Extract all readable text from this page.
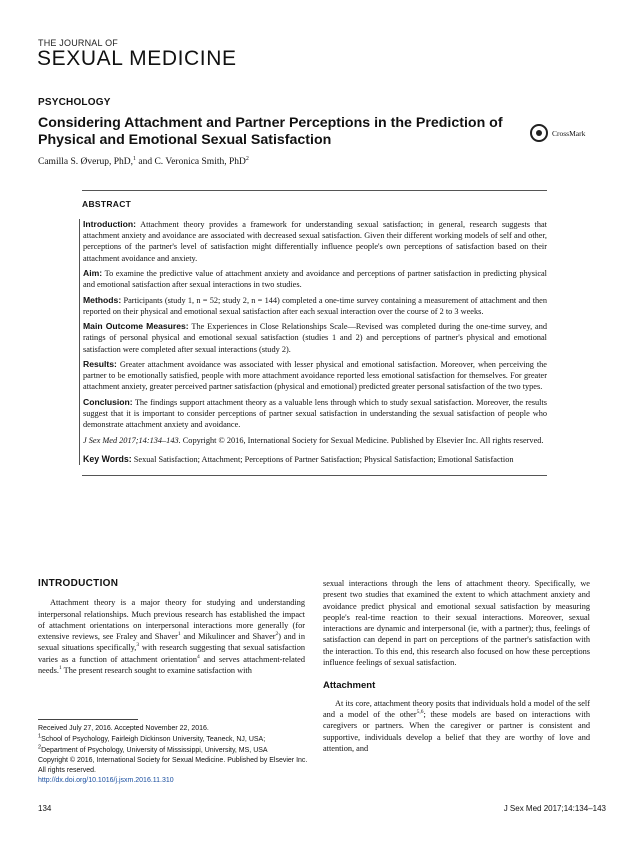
THE JOURNAL OF
SEXUAL MEDICINE
PSYCHOLOGY
Considering Attachment and Partner Perceptions in the Prediction of Physical and Emotional Sexual Satisfaction
Camilla S. Øverup, PhD,$^1$ and C. Veronica Smith, PhD$^2$
CrossMark
ABSTRACT

Introduction: Attachment theory provides a framework for understanding sexual satisfaction; in general, research suggests that attachment anxiety and avoidance are associated with decreased sexual satisfaction. Given their different working models of self and other, perceptions of the partner's level of satisfaction might differentially influence people's own perceptions of satisfaction based on their attachment avoidance and anxiety.

Aim: To examine the predictive value of attachment anxiety and avoidance and perceptions of partner satisfaction in predicting physical and emotional satisfaction after sexual interactions in two studies.

Methods: Participants (study 1, n = 52; study 2, n = 144) completed a one-time survey containing a measurement of attachment and then reported on their physical and emotional sexual satisfaction after each sexual interaction over the course of 2 to 3 weeks.

Main Outcome Measures: The Experiences in Close Relationships Scale—Revised was completed during the one-time survey, and ratings of personal physical and emotional sexual satisfaction (studies 1 and 2) and perceptions of partner's physical and emotional satisfaction were completed after sexual interactions (study 2).

Results: Greater attachment avoidance was associated with lesser physical and emotional satisfaction. Moreover, when perceiving the partner to be emotionally satisfied, people with more attachment avoidance reported less emotional satisfaction for themselves. For greater attachment anxiety, greater perceived partner satisfaction (physical and emotional) predicted greater personal satisfaction of the two types.

Conclusion: The findings support attachment theory as a valuable lens through which to study sexual satisfaction. Moreover, the results suggest that it is important to consider perceptions of partner sexual satisfaction in understanding the sexual satisfaction of people who demonstrate attachment anxiety and avoidance.

J Sex Med 2017;14:134–143. Copyright © 2016, International Society for Sexual Medicine. Published by Elsevier Inc. All rights reserved.

Key Words: Sexual Satisfaction; Attachment; Perceptions of Partner Satisfaction; Physical Satisfaction; Emotional Satisfaction

INTRODUCTION

Attachment theory is a major theory for studying and understanding interpersonal relationships. Much previous research has established the impact of attachment orientations on interpersonal interactions more generally (for extensive reviews, see Fraley and Shaver$^1$ and Mikulincer and Shaver$^2$) and in sexual situations specifically,$^3$ with research suggesting that sexual satisfaction varies as a function of attachment orientation$^4$ and serves attachment-related needs.$^1$ The present research sought to examine satisfaction with

sexual interactions through the lens of attachment theory. Specifically, we present two studies that examined the extent to which attachment anxiety and avoidance predict physical and emotional sexual satisfaction by measuring people's real-time reaction to their sexual interactions. Moreover, sexual interactions are dynamic and interpersonal (ie, with a partner); thus, feelings of satisfaction can depend in part on perceptions of the partner's satisfaction with the interaction. To this end, this research also focused on how these perceptions influence feelings of sexual satisfaction.

Attachment

At its core, attachment theory posits that individuals hold a model of the self and a model of the other$^{5,6}$; these models are based on interactions with caregivers or partners. When the caregiver or partner is consistent and supportive, individuals develop a belief that they are worthy of love and attention, and

Received July 27, 2016. Accepted November 22, 2016.

$^1$School of Psychology, Fairleigh Dickinson University, Teaneck, NJ, USA;

$^2$Department of Psychology, University of Mississippi, University, MS, USA

Copyright © 2016, International Society for Sexual Medicine. Published by Elsevier Inc. All rights reserved.

http://dx.doi.org/10.1016/j.jsxm.2016.11.310

134	J Sex Med 2017;14:134–143
